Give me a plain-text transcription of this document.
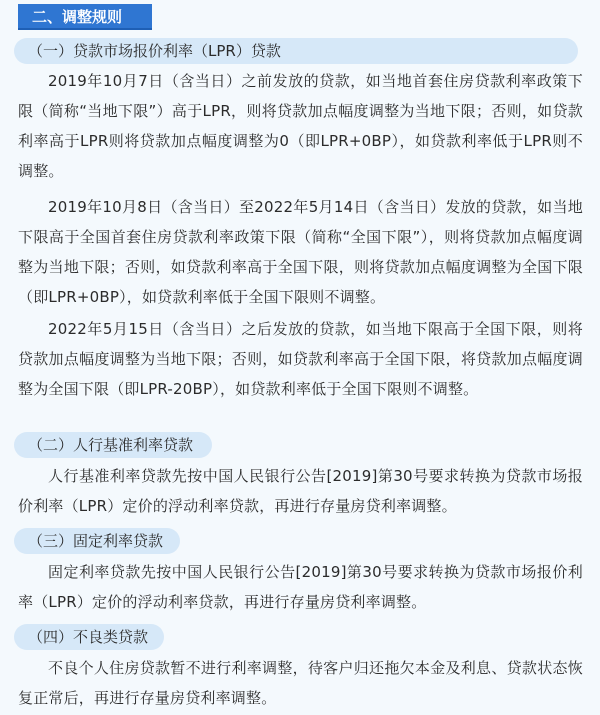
二、调整规则
（一）贷款市场报价利率（LPR）贷款

2019年10月7日（含当日）之前发放的贷款，如当地首套住房贷款利率政策下限（简称“当地下限”）高于LPR，则将贷款加点幅度调整为当地下限；否则，如贷款利率高于LPR则将贷款加点幅度调整为0（即LPR+0BP），如贷款利率低于LPR则不调整。

2019年10月8日（含当日）至2022年5月14日（含当日）发放的贷款，如当地下限高于全国首套住房贷款利率政策下限（简称“全国下限”），则将贷款加点幅度调整为当地下限；否则，如贷款利率高于全国下限，则将贷款加点幅度调整为全国下限（即LPR+0BP），如贷款利率低于全国下限则不调整。

2022年5月15日（含当日）之后发放的贷款，如当地下限高于全国下限，则将贷款加点幅度调整为当地下限；否则，如贷款利率高于全国下限，将贷款加点幅度调整为全国下限（即LPR-20BP），如贷款利率低于全国下限则不调整。

（二）人行基准利率贷款

人行基准利率贷款先按中国人民银行公告[2019]第30号要求转换为贷款市场报价利率（LPR）定价的浮动利率贷款，再进行存量房贷利率调整。

（三）固定利率贷款

固定利率贷款先按中国人民银行公告[2019]第30号要求转换为贷款市场报价利率（LPR）定价的浮动利率贷款，再进行存量房贷利率调整。

（四）不良类贷款

不良个人住房贷款暂不进行利率调整，待客户归还拖欠本金及利息、贷款状态恢复正常后，再进行存量房贷利率调整。
